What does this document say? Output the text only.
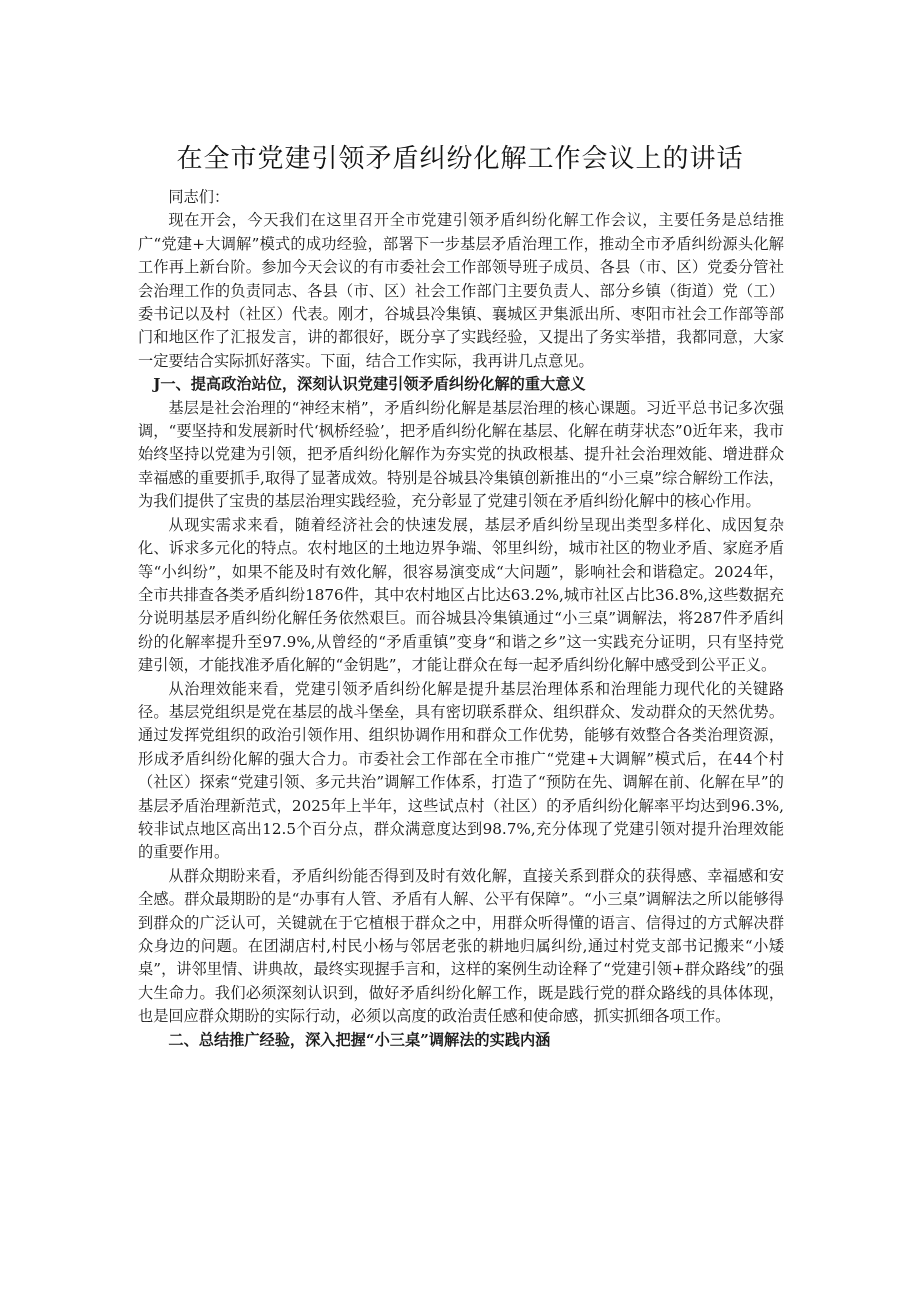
在全市党建引领矛盾纠纷化解工作会议上的讲话

同志们：

现在开会，今天我们在这里召开全市党建引领矛盾纠纷化解工作会议，主要任务是总结推广“党建+大调解”模式的成功经验，部署下一步基层矛盾治理工作，推动全市矛盾纠纷源头化解工作再上新台阶。参加今天会议的有市委社会工作部领导班子成员、各县（市、区）党委分管社会治理工作的负责同志、各县（市、区）社会工作部门主要负责人、部分乡镇（街道）党（工）委书记以及村（社区）代表。刚才，谷城县冷集镇、襄城区尹集派出所、枣阳市社会工作部等部门和地区作了汇报发言，讲的都很好，既分享了实践经验，又提出了务实举措，我都同意，大家一定要结合实际抓好落实。下面，结合工作实际，我再讲几点意见。

J一、提高政治站位，深刻认识党建引领矛盾纠纷化解的重大意义

基层是社会治理的“神经末梢”，矛盾纠纷化解是基层治理的核心课题。习近平总书记多次强调，“要坚持和发展新时代‘枫桥经验’，把矛盾纠纷化解在基层、化解在萌芽状态”0近年来，我市始终坚持以党建为引领，把矛盾纠纷化解作为夯实党的执政根基、提升社会治理效能、增进群众幸福感的重要抓手,取得了显著成效。特别是谷城县冷集镇创新推出的“小三桌”综合解纷工作法，为我们提供了宝贵的基层治理实践经验，充分彰显了党建引领在矛盾纠纷化解中的核心作用。

从现实需求来看，随着经济社会的快速发展，基层矛盾纠纷呈现出类型多样化、成因复杂化、诉求多元化的特点。农村地区的土地边界争端、邻里纠纷，城市社区的物业矛盾、家庭矛盾等“小纠纷”，如果不能及时有效化解，很容易演变成“大问题”，影响社会和谐稳定。2024年，全市共排查各类矛盾纠纷1876件，其中农村地区占比达63.2%,城市社区占比36.8%,这些数据充分说明基层矛盾纠纷化解任务依然艰巨。而谷城县冷集镇通过“小三桌”调解法，将287件矛盾纠纷的化解率提升至97.9%,从曾经的“矛盾重镇”变身“和谐之乡”这一实践充分证明，只有坚持党建引领，才能找准矛盾化解的“金钥匙”，才能让群众在每一起矛盾纠纷化解中感受到公平正义。

从治理效能来看，党建引领矛盾纠纷化解是提升基层治理体系和治理能力现代化的关键路径。基层党组织是党在基层的战斗堡垒，具有密切联系群众、组织群众、发动群众的天然优势。通过发挥党组织的政治引领作用、组织协调作用和群众工作优势，能够有效整合各类治理资源，形成矛盾纠纷化解的强大合力。市委社会工作部在全市推广“党建+大调解”模式后，在44个村（社区）探索“党建引领、多元共治”调解工作体系，打造了“预防在先、调解在前、化解在早”的基层矛盾治理新范式，2025年上半年，这些试点村（社区）的矛盾纠纷化解率平均达到96.3%,较非试点地区高出12.5个百分点，群众满意度达到98.7%,充分体现了党建引领对提升治理效能的重要作用。

从群众期盼来看，矛盾纠纷能否得到及时有效化解，直接关系到群众的获得感、幸福感和安全感。群众最期盼的是“办事有人管、矛盾有人解、公平有保障”。“小三桌”调解法之所以能够得到群众的广泛认可，关键就在于它植根于群众之中，用群众听得懂的语言、信得过的方式解决群众身边的问题。在团湖店村,村民小杨与邻居老张的耕地归属纠纷,通过村党支部书记搬来“小矮桌”，讲邻里情、讲典故，最终实现握手言和，这样的案例生动诠释了“党建引领+群众路线”的强大生命力。我们必须深刻认识到，做好矛盾纠纷化解工作，既是践行党的群众路线的具体体现，也是回应群众期盼的实际行动，必须以高度的政治责任感和使命感，抓实抓细各项工作。

二、总结推广经验，深入把握“小三桌”调解法的实践内涵
